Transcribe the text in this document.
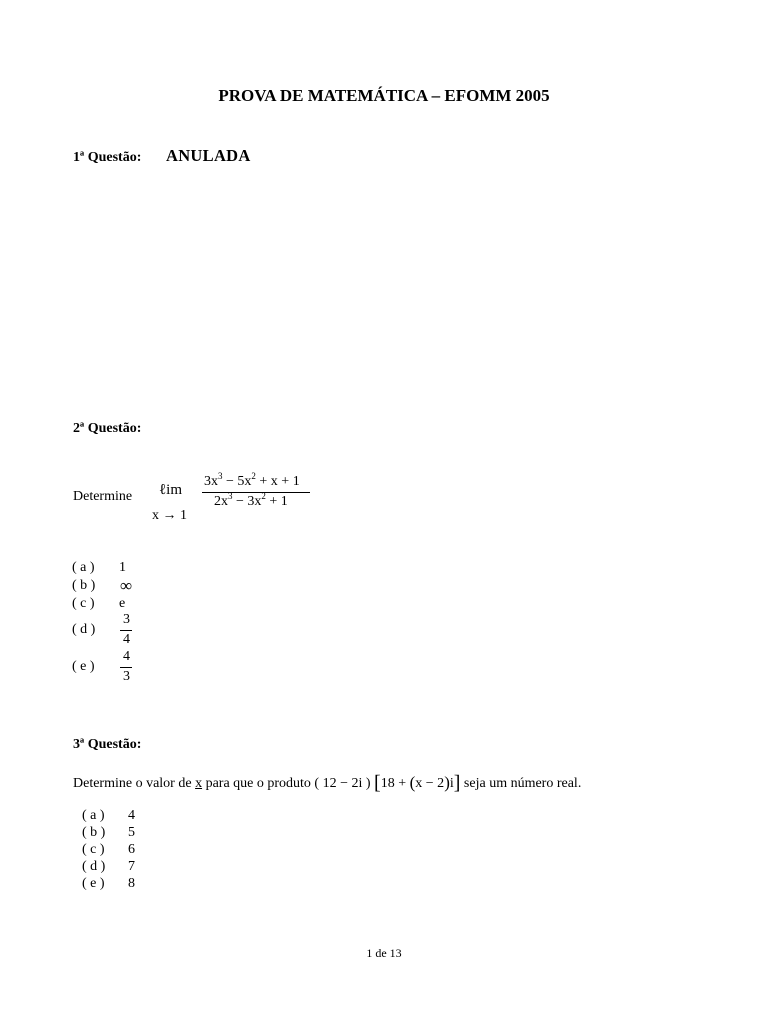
PROVA DE MATEMÁTICA – EFOMM 2005
1ª Questão: ANULADA
2ª Questão:
Determine ℓim
x → 1
$3x^3 - 5x^2 + x + 1$
$2x^3 - 3x^2 + 1$
( a ) 1
( b ) ∞
( c ) e
( d )
3
4
( e )
4
3
3ª Questão:
Determine o valor de x para que o produto ( 12 − 2i ) [18 + (x − 2)i] seja um número real.
( a ) 4
( b ) 5
( c ) 6
( d ) 7
( e ) 8
1 de 13
